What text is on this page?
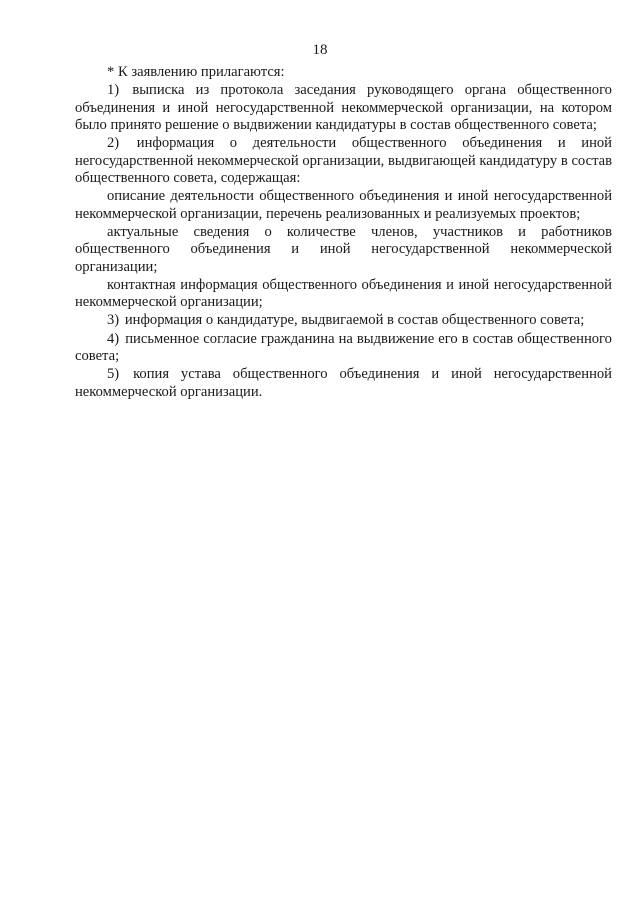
18

* К заявлению прилагаются:

1) выписка из протокола заседания руководящего органа общественного объединения и иной негосударственной некоммерческой организации, на котором было принято решение о выдвижении кандидатуры в состав общественного совета;

2) информация о деятельности общественного объединения и иной негосударственной некоммерческой организации, выдвигающей кандидатуру в состав общественного совета, содержащая:

описание деятельности общественного объединения и иной негосударственной некоммерческой организации, перечень реализованных и реализуемых проектов;

актуальные сведения о количестве членов, участников и работников общественного объединения и иной негосударственной некоммерческой организации;

контактная информация общественного объединения и иной негосударственной некоммерческой организации;

3) информация о кандидатуре, выдвигаемой в состав общественного совета;

4) письменное согласие гражданина на выдвижение его в состав общественного совета;

5) копия устава общественного объединения и иной негосударственной некоммерческой организации.
